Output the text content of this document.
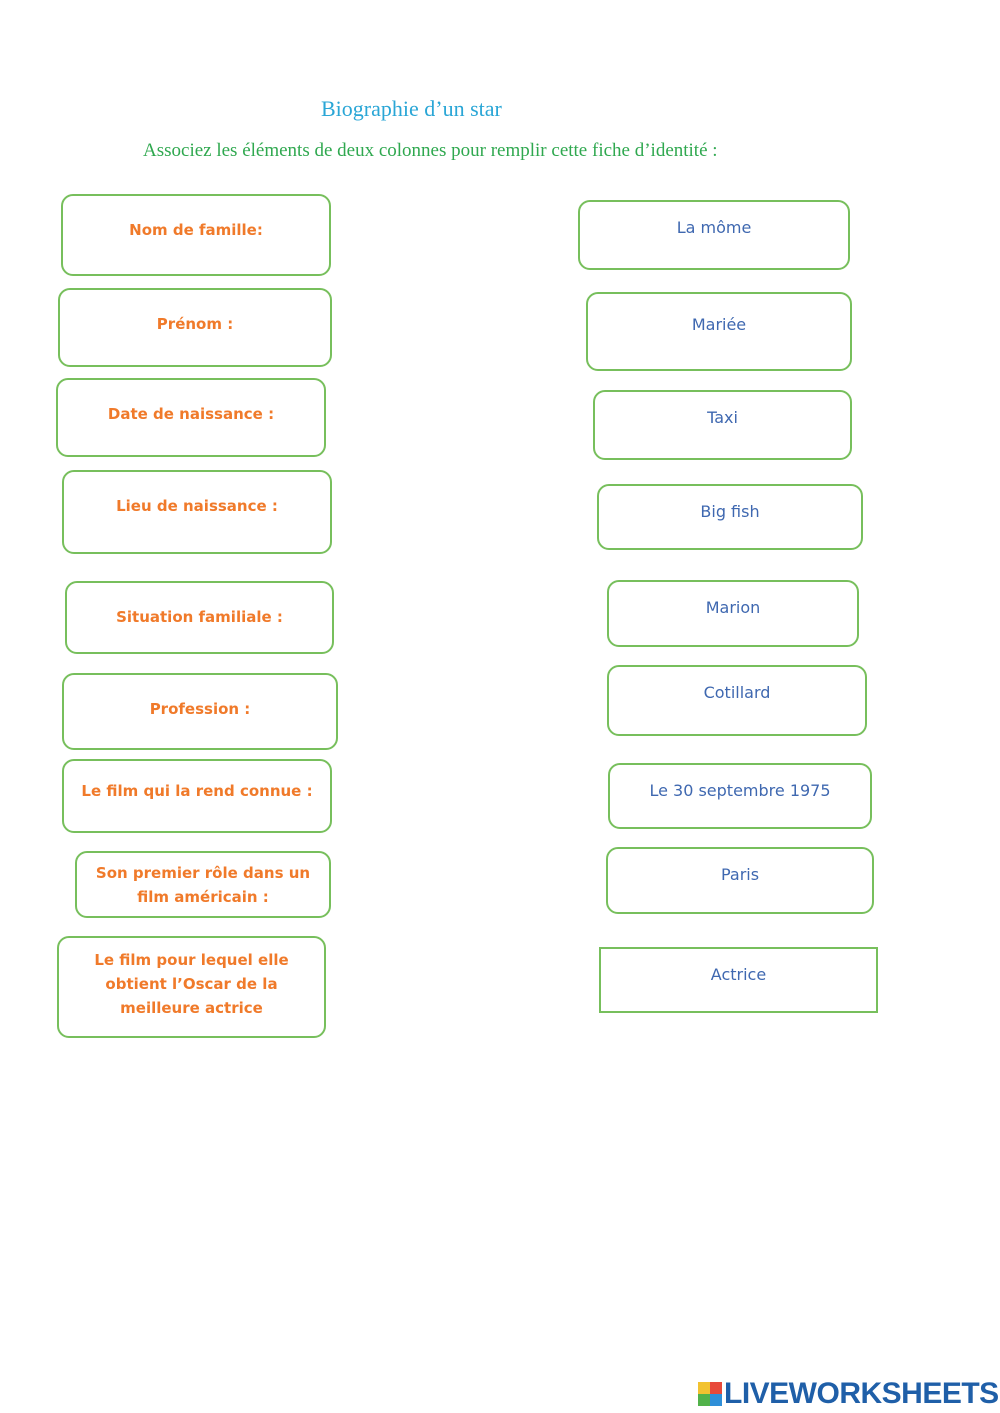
Biographie d’un star
Associez les éléments de deux colonnes pour remplir cette fiche d’identité :
Nom de famille:
Prénom :
Date de naissance :
Lieu de naissance :
Situation familiale :
Profession :
Le film qui la rend connue :
Son premier rôle dans un film américain :
Le film pour lequel elle obtient l’Oscar de la meilleure actrice
La môme
Mariée
Taxi
Big fish
Marion
Cotillard
Le 30 septembre 1975
Paris
Actrice
LIVEWORKSHEETS
